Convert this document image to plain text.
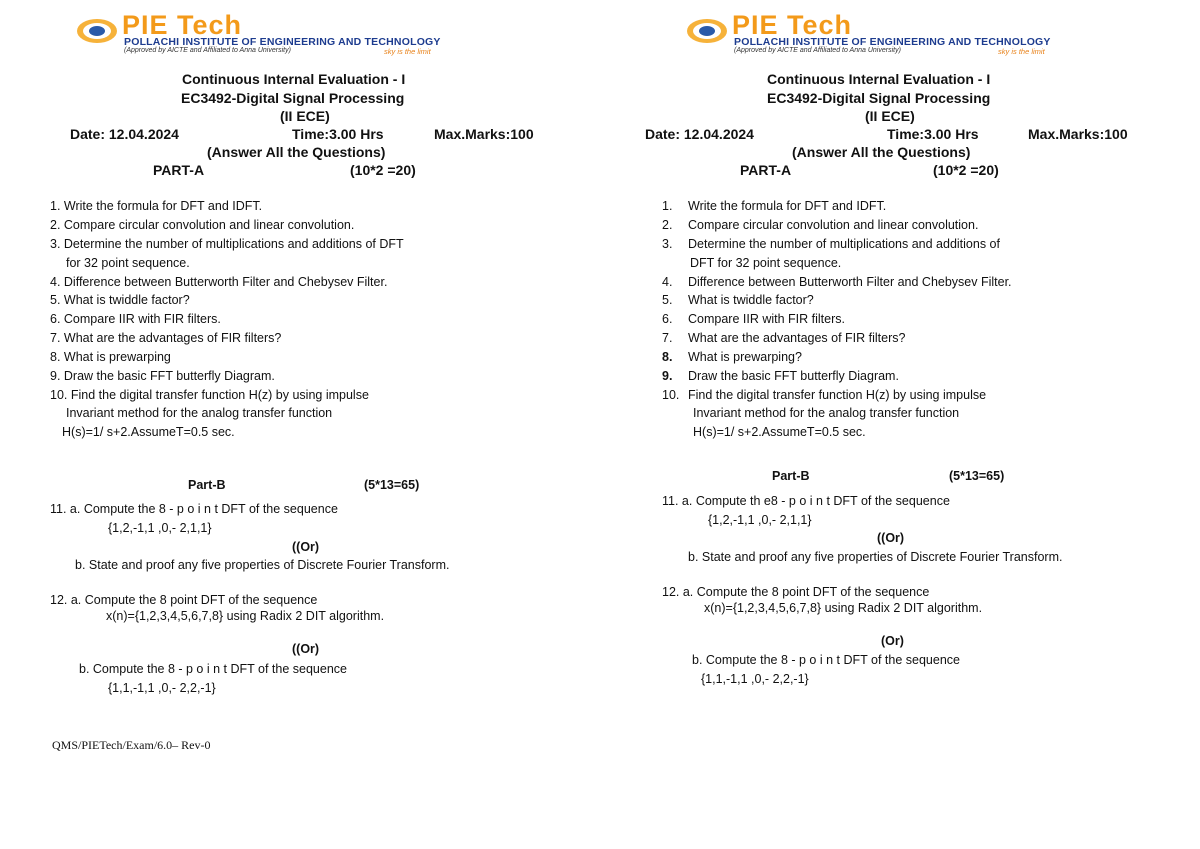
PIE Tech
POLLACHI INSTITUTE OF ENGINEERING AND TECHNOLOGY
(Approved by AICTE and Affiliated to Anna University)	sky is the limit
Continuous Internal Evaluation - I
EC3492-Digital Signal Processing
(II ECE)
Date: 12.04.2024	Time:3.00 Hrs	Max.Marks:100
(Answer All the Questions)
PART-A	(10*2 =20)
1. Write the formula for DFT and IDFT.
2. Compare circular convolution and linear convolution.
3. Determine the number of multiplications and additions of DFT
for 32 point sequence.
4. Difference between Butterworth Filter and Chebysev Filter.
5. What is twiddle factor?
6. Compare IIR with FIR filters.
7. What are the advantages of FIR filters?
8. What is prewarping
9. Draw the basic FFT butterfly Diagram.
10. Find the digital transfer function H(z) by using impulse
Invariant method for the analog transfer function
H(s)=1/ s+2.AssumeT=0.5 sec.
Part-B	(5*13=65)
11. a. Compute the 8 - p o i n t DFT of the sequence
{1,2,-1,1 ,0,- 2,1,1}
((Or)
b. State and proof any five properties of Discrete Fourier Transform.
12. a. Compute the 8 point DFT of the sequence
x(n)={1,2,3,4,5,6,7,8} using Radix 2 DIT algorithm.
((Or)
b. Compute the 8 - p o i n t DFT of the sequence
{1,1,-1,1 ,0,- 2,2,-1}
QMS/PIETech/Exam/6.0– Rev-0
PIE Tech
POLLACHI INSTITUTE OF ENGINEERING AND TECHNOLOGY
(Approved by AICTE and Affiliated to Anna University)	sky is the limit
Continuous Internal Evaluation - I
EC3492-Digital Signal Processing
(II ECE)
Date: 12.04.2024	Time:3.00 Hrs	Max.Marks:100
(Answer All the Questions)
PART-A	(10*2 =20)
1. Write the formula for DFT and IDFT.
2. Compare circular convolution and linear convolution.
3. Determine the number of multiplications and additions of
DFT for 32 point sequence.
4. Difference between Butterworth Filter and Chebysev Filter.
5. What is twiddle factor?
6. Compare IIR with FIR filters.
7. What are the advantages of FIR filters?
8. What is prewarping?
9. Draw the basic FFT butterfly Diagram.
10. Find the digital transfer function H(z) by using impulse
Invariant method for the analog transfer function
H(s)=1/ s+2.AssumeT=0.5 sec.
Part-B	(5*13=65)
11. a. Compute th e8 - p o i n t DFT of the sequence
{1,2,-1,1 ,0,- 2,1,1}
((Or)
b. State and proof any five properties of Discrete Fourier Transform.
12. a. Compute the 8 point DFT of the sequence
x(n)={1,2,3,4,5,6,7,8} using Radix 2 DIT algorithm.
(Or)
b. Compute the 8 - p o i n t DFT of the sequence
{1,1,-1,1 ,0,- 2,2,-1}
